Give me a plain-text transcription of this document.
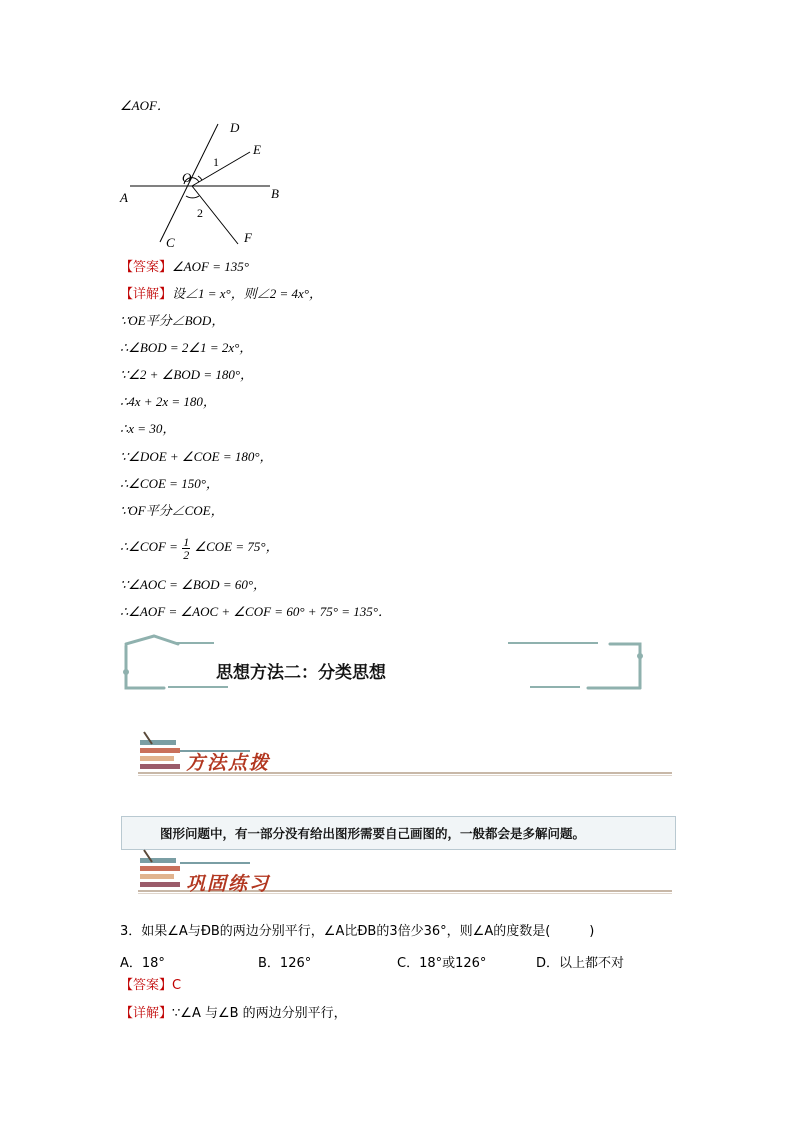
∠AOF．
D
E
O
A	B
C	F
1
2
【答案】∠AOF = 135°
【详解】设∠1 = x°，则∠2 = 4x°，
∵OE平分∠BOD，
∴∠BOD = 2∠1 = 2x°，
∵∠2 + ∠BOD = 180°，
∴4x + 2x = 180，
∴x = 30，
∵∠DOE + ∠COE = 180°，
∴∠COE = 150°，
∵OF平分∠COE，
∴∠COF = $\frac{1}{2}$ ∠COE = 75°，
∵∠AOC = ∠BOD = 60°，
∴∠AOF = ∠AOC + ∠COF = 60° + 75° = 135°．
思想方法二：分类思想
方法点拨
图形问题中，有一部分没有给出图形需要自己画图的，一般都会是多解问题。
巩固练习
3．如果∠A与ÐB的两边分别平行，∠A比ÐB的3倍少36°，则∠A的度数是(　　　)
A．18°	B．126°	C．18°或126°	D．以上都不对
【答案】C
【详解】∵∠A 与∠B 的两边分别平行，
